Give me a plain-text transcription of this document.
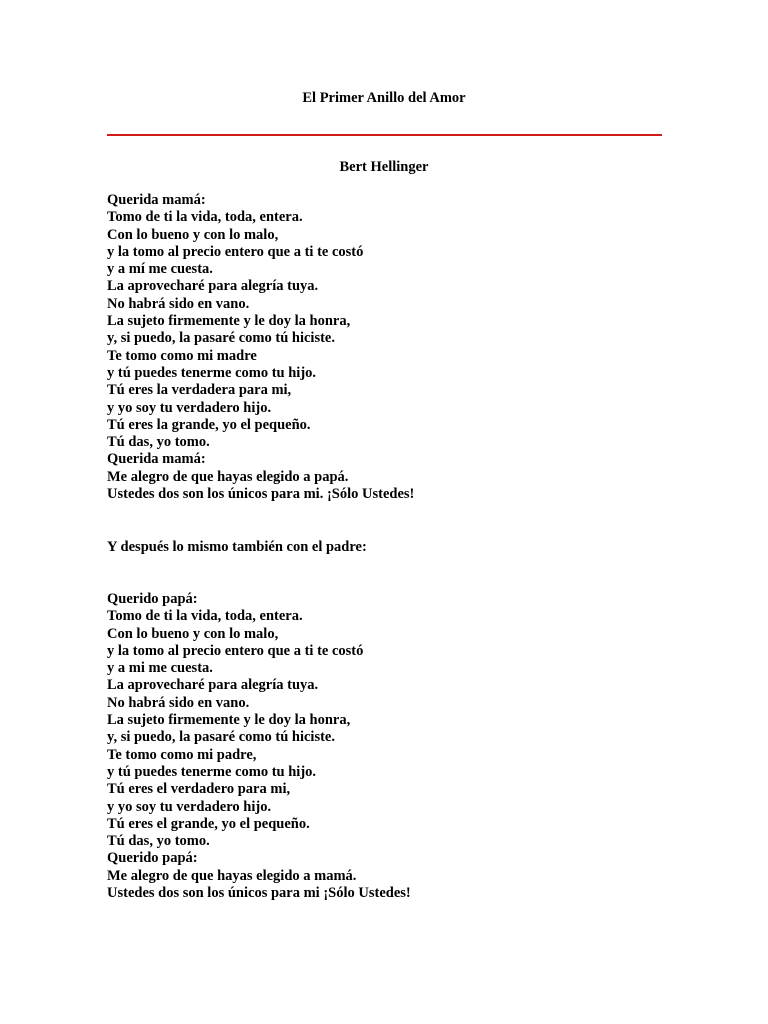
El Primer Anillo del Amor
Bert Hellinger
Querida mamá:
Tomo de ti la vida, toda, entera.
Con lo bueno y con lo malo,
y la tomo al precio entero que a ti te costó
y a mí me cuesta.
La aprovecharé para alegría tuya.
No habrá sido en vano.
La sujeto firmemente y le doy la honra,
y, si puedo, la pasaré como tú hiciste.
Te tomo como mi madre
y tú puedes tenerme como tu hijo.
Tú eres la verdadera para mi,
y yo soy tu verdadero hijo.
Tú eres la grande, yo el pequeño.
Tú das, yo tomo.
Querida mamá:
Me alegro de que hayas elegido a papá.
Ustedes dos son los únicos para mi. ¡Sólo Ustedes!
Y después lo mismo también con el padre:
Querido papá:
Tomo de ti la vida, toda, entera.
Con lo bueno y con lo malo,
y la tomo al precio entero que a ti te costó
y a mi me cuesta.
La aprovecharé para alegría tuya.
No habrá sido en vano.
La sujeto firmemente y le doy la honra,
y, si puedo, la pasaré como tú hiciste.
Te tomo como mi padre,
y tú puedes tenerme como tu hijo.
Tú eres el verdadero para mi,
y yo soy tu verdadero hijo.
Tú eres el grande, yo el pequeño.
Tú das, yo tomo.
Querido papá:
Me alegro de que hayas elegido a mamá.
Ustedes dos son los únicos para mi ¡Sólo Ustedes!
